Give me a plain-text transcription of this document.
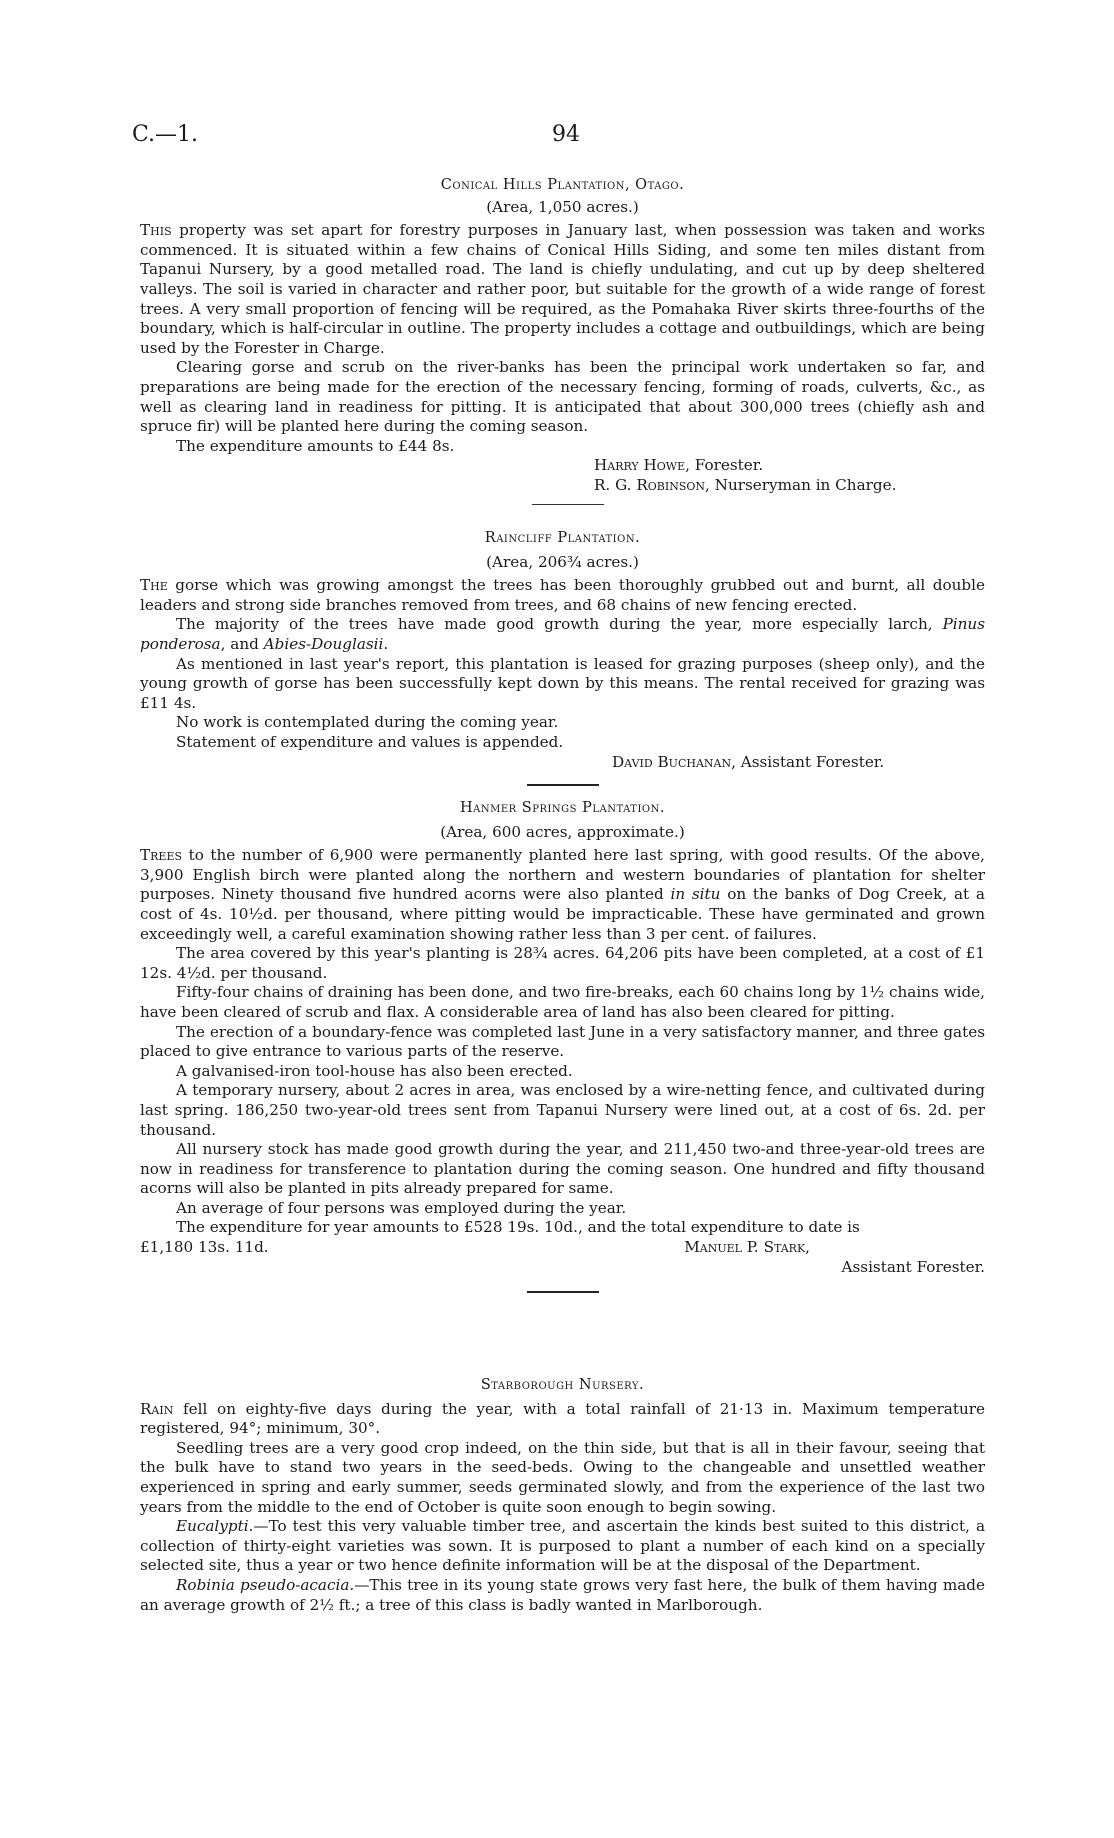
C.—1.	94
Conical Hills Plantation, Otago.
(Area, 1,050 acres.)

This property was set apart for forestry purposes in January last, when possession was taken and works commenced. It is situated within a few chains of Conical Hills Siding, and some ten miles distant from Tapanui Nursery, by a good metalled road. The land is chiefly undulating, and cut up by deep sheltered valleys. The soil is varied in character and rather poor, but suitable for the growth of a wide range of forest trees. A very small proportion of fencing will be required, as the Pomahaka River skirts three-fourths of the boundary, which is half-circular in outline. The property includes a cottage and outbuildings, which are being used by the Forester in Charge.

Clearing gorse and scrub on the river-banks has been the principal work undertaken so far, and preparations are being made for the erection of the necessary fencing, forming of roads, culverts, &c., as well as clearing land in readiness for pitting. It is anticipated that about 300,000 trees (chiefly ash and spruce fir) will be planted here during the coming season.

The expenditure amounts to £44 8s.

Harry Howe, Forester.

R. G. Robinson, Nurseryman in Charge.

Raincliff Plantation.
(Area, 206¾ acres.)

The gorse which was growing amongst the trees has been thoroughly grubbed out and burnt, all double leaders and strong side branches removed from trees, and 68 chains of new fencing erected.

The majority of the trees have made good growth during the year, more especially larch, Pinus ponderosa, and Abies-Douglasii.

As mentioned in last year's report, this plantation is leased for grazing purposes (sheep only), and the young growth of gorse has been successfully kept down by this means. The rental received for grazing was £11 4s.

No work is contemplated during the coming year.

Statement of expenditure and values is appended.

David Buchanan, Assistant Forester.

Hanmer Springs Plantation.
(Area, 600 acres, approximate.)

Trees to the number of 6,900 were permanently planted here last spring, with good results. Of the above, 3,900 English birch were planted along the northern and western boundaries of plantation for shelter purposes. Ninety thousand five hundred acorns were also planted in situ on the banks of Dog Creek, at a cost of 4s. 10½d. per thousand, where pitting would be impracticable. These have germinated and grown exceedingly well, a careful examination showing rather less than 3 per cent. of failures.

The area covered by this year's planting is 28¾ acres. 64,206 pits have been completed, at a cost of £1 12s. 4½d. per thousand.

Fifty-four chains of draining has been done, and two fire-breaks, each 60 chains long by 1½ chains wide, have been cleared of scrub and flax. A considerable area of land has also been cleared for pitting.

The erection of a boundary-fence was completed last June in a very satisfactory manner, and three gates placed to give entrance to various parts of the reserve.

A galvanised-iron tool-house has also been erected.

A temporary nursery, about 2 acres in area, was enclosed by a wire-netting fence, and cultivated during last spring. 186,250 two-year-old trees sent from Tapanui Nursery were lined out, at a cost of 6s. 2d. per thousand.

All nursery stock has made good growth during the year, and 211,450 two-and three-year-old trees are now in readiness for transference to plantation during the coming season. One hundred and fifty thousand acorns will also be planted in pits already prepared for same.

An average of four persons was employed during the year.

The expenditure for year amounts to £528 19s. 10d., and the total expenditure to date is

£1,180 13s. 11d.	Manuel P. Stark,

Assistant Forester.

Starborough Nursery.

Rain fell on eighty-five days during the year, with a total rainfall of 21·13 in. Maximum temperature registered, 94°; minimum, 30°.

Seedling trees are a very good crop indeed, on the thin side, but that is all in their favour, seeing that the bulk have to stand two years in the seed-beds. Owing to the changeable and unsettled weather experienced in spring and early summer, seeds germinated slowly, and from the experience of the last two years from the middle to the end of October is quite soon enough to begin sowing.

Eucalypti.—To test this very valuable timber tree, and ascertain the kinds best suited to this district, a collection of thirty-eight varieties was sown. It is purposed to plant a number of each kind on a specially selected site, thus a year or two hence definite information will be at the disposal of the Department.

Robinia pseudo-acacia.—This tree in its young state grows very fast here, the bulk of them having made an average growth of 2½ ft.; a tree of this class is badly wanted in Marlborough.
